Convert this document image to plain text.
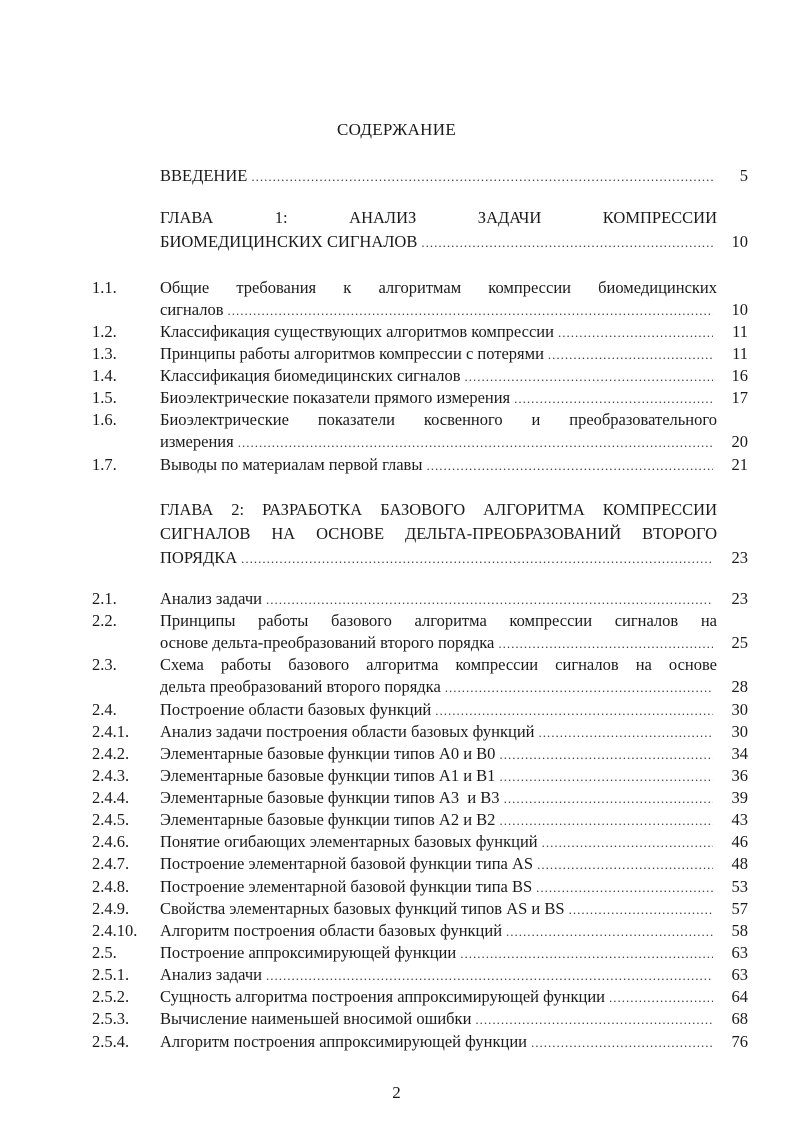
СОДЕРЖАНИЕ
ВВЕДЕНИЕ .....	5
ГЛАВА 1: АНАЛИЗ ЗАДАЧИ КОМПРЕССИИ
БИОМЕДИЦИНСКИХ СИГНАЛОВ .....	10
1.1.	Общие требования к алгоритмам компрессии биомедицинских
сигналов .....	10
1.2.	Классификация существующих алгоритмов компрессии .....	11
1.3.	Принципы работы алгоритмов компрессии с потерями .....	11
1.4.	Классификация биомедицинских сигналов .....	16
1.5.	Биоэлектрические показатели прямого измерения .....	17
1.6.	Биоэлектрические показатели косвенного и преобразовательного
измерения .....	20
1.7.	Выводы по материалам первой главы .....	21
ГЛАВА 2: РАЗРАБОТКА БАЗОВОГО АЛГОРИТМА КОМПРЕССИИ
СИГНАЛОВ НА ОСНОВЕ ДЕЛЬТА-ПРЕОБРАЗОВАНИЙ ВТОРОГО
ПОРЯДКА .....	23
2.1.	Анализ задачи .....	23
2.2.	Принципы работы базового алгоритма компрессии сигналов на
основе дельта-преобразований второго порядка .....	25
2.3.	Схема работы базового алгоритма компрессии сигналов на основе
дельта преобразований второго порядка .....	28
2.4.	Построение области базовых функций .....	30
2.4.1. Анализ задачи построения области базовых функций .....	30
2.4.2. Элементарные базовые функции типов А0 и В0 .....	34
2.4.3. Элементарные базовые функции типов А1 и В1 .....	36
2.4.4. Элементарные базовые функции типов А3  и В3 .....	39
2.4.5. Элементарные базовые функции типов А2 и В2 .....	43
2.4.6. Понятие огибающих элементарных базовых функций .....	46
2.4.7. Построение элементарной базовой функции типа AS .....	48
2.4.8. Построение элементарной базовой функции типа BS .....	53
2.4.9. Свойства элементарных базовых функций типов AS и BS .....	57
2.4.10. Алгоритм построения области базовых функций .....	58
2.5.	Построение аппроксимирующей функции .....	63
2.5.1. Анализ задачи .....	63
2.5.2. Сущность алгоритма построения аппроксимирующей функции .....	64
2.5.3. Вычисление наименьшей вносимой ошибки .....	68
2.5.4. Алгоритм построения аппроксимирующей функции .....	76
2
